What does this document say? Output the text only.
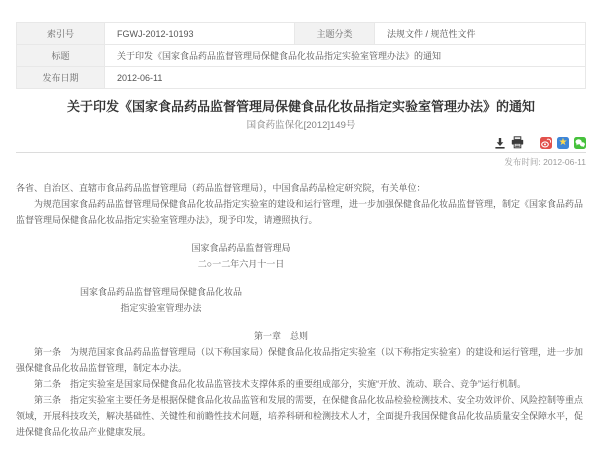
索引号	FGWJ-2012-10193	主题分类	法规文件 / 规范性文件
标题	关于印发《国家食品药品监督管理局保健食品化妆品指定实验室管理办法》的通知		
发布日期	2012-06-11		
关于印发《国家食品药品监督管理局保健食品化妆品指定实验室管理办法》的通知
国食药监保化[2012]149号
★
发布时间: 2012-06-11

各省、自治区、直辖市食品药品监督管理局（药品监督管理局），中国食品药品检定研究院，有关单位：

为规范国家食品药品监督管理局保健食品化妆品指定实验室的建设和运行管理，进一步加强保健食品化妆品监督管理，制定《国家食品药品监督管理局保健食品化妆品指定实验室管理办法》，现予印发，请遵照执行。

国家食品药品监督管理局
二○一二年六月十一日
国家食品药品监督管理局保健食品化妆品
指定实验室管理办法
第一章　总则

第一条　为规范国家食品药品监督管理局（以下称国家局）保健食品化妆品指定实验室（以下称指定实验室）的建设和运行管理，进一步加强保健食品化妆品监督管理，制定本办法。

第二条　指定实验室是国家局保健食品化妆品监管技术支撑体系的重要组成部分，实施“开放、流动、联合、竞争”运行机制。

第三条　指定实验室主要任务是根据保健食品化妆品监管和发展的需要，在保健食品化妆品检验检测技术、安全功效评价、风险控制等重点领域，开展科技攻关，解决基础性、关键性和前瞻性技术问题，培养科研和检测技术人才，全面提升我国保健食品化妆品质量安全保障水平，促进保健食品化妆品产业健康发展。
